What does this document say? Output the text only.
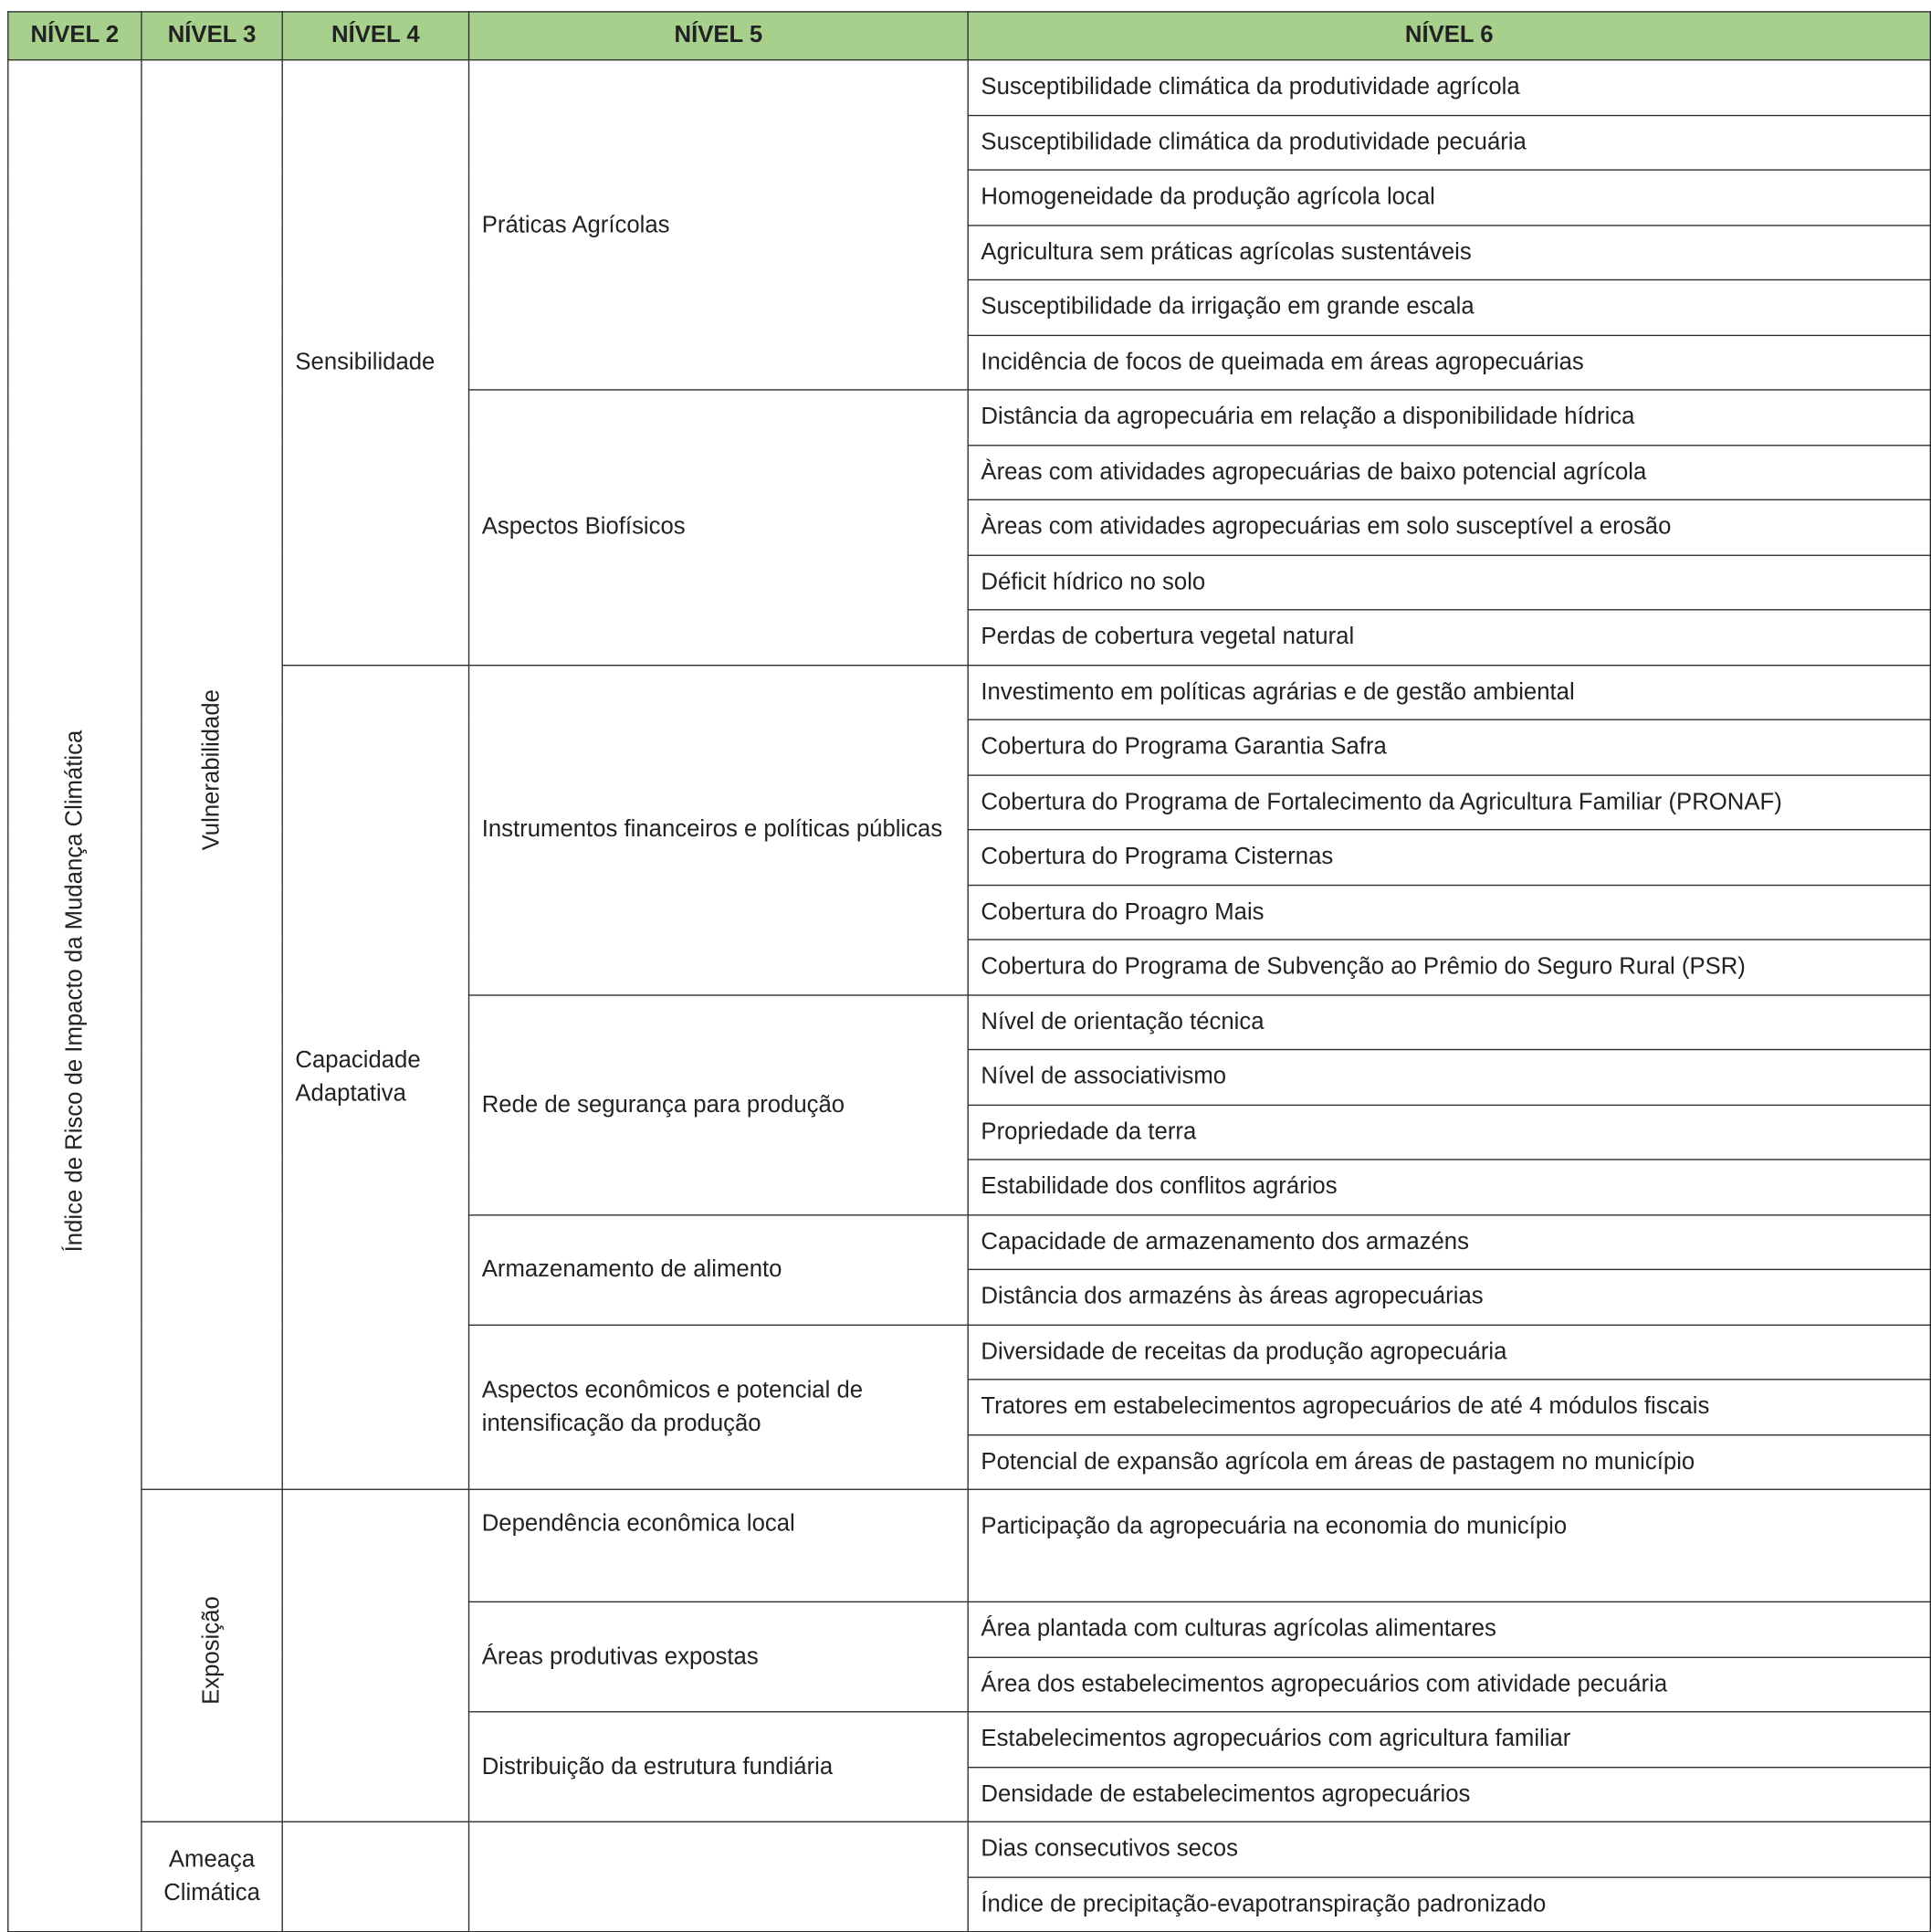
NÍVEL 2	NÍVEL 3	NÍVEL 4	NÍVEL 5	NÍVEL 6
Índice de Risco de Impacto da Mudança Climática	Vulnerabilidade	Sensibilidade	Práticas Agrícolas	Susceptibilidade climática da produtividade agrícola
				Susceptibilidade climática da produtividade pecuária
				Homogeneidade da produção agrícola local
				Agricultura sem práticas agrícolas sustentáveis
				Susceptibilidade da irrigação em grande escala
				Incidência de focos de queimada em áreas agropecuárias
			Aspectos Biofísicos	Distância da agropecuária em relação a disponibilidade hídrica
				Àreas com atividades agropecuárias de baixo potencial agrícola
				Àreas com atividades agropecuárias em solo susceptível a erosão
				Déficit hídrico no solo
				Perdas de cobertura vegetal natural
		Capacidade Adaptativa	Instrumentos financeiros e políticas públicas	Investimento em políticas agrárias e de gestão ambiental
				Cobertura do Programa Garantia Safra
				Cobertura do Programa de Fortalecimento da Agricultura Familiar (PRONAF)
				Cobertura do Programa Cisternas
				Cobertura do Proagro Mais
				Cobertura do Programa de Subvenção ao Prêmio do Seguro Rural (PSR)
			Rede de segurança para produção	Nível de orientação técnica
				Nível de associativismo
				Propriedade da terra
				Estabilidade dos conflitos agrários
			Armazenamento de alimento	Capacidade de armazenamento dos armazéns
				Distância dos armazéns às áreas agropecuárias
			Aspectos econômicos e potencial de intensificação da produção	Diversidade de receitas da produção agropecuária
				Tratores em estabelecimentos agropecuários de até 4 módulos fiscais
				Potencial de expansão agrícola em áreas de pastagem no município
	Exposição		Dependência econômica local	Participação da agropecuária na economia do município
			Áreas produtivas expostas	Área plantada com culturas agrícolas alimentares
				Área dos estabelecimentos agropecuários com atividade pecuária
			Distribuição da estrutura fundiária	Estabelecimentos agropecuários com agricultura familiar
				Densidade de estabelecimentos agropecuários
	Ameaça Climática			Dias consecutivos secos
				Índice de precipitação-evapotranspiração padronizado
